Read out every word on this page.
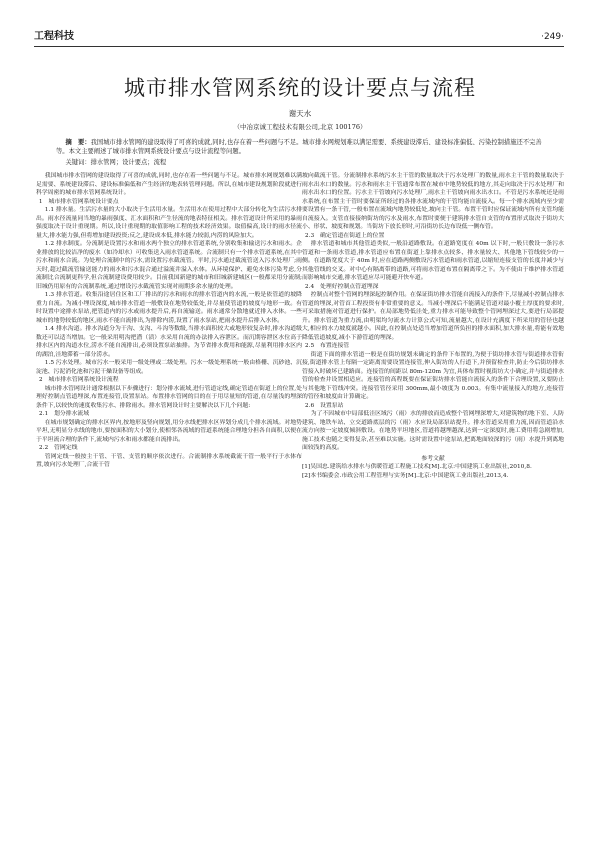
工程科技	·249·
城市排水管网系统的设计要点与流程
谢天水
（中冶京诚工程技术有限公司,北京 100176）
摘　要：我国城市排水管网的建设取得了可喜的成就,同时,也存在着一些问题与不足。城市排水网规划难以满足需要、系统建设滞后、建设标准偏低、污染控制措施还不完善等。本文主要阐述了城市排水管网系统设计要点与设计流程等问题。
关键词：排水管网；设计要点；流程

我国城市排水管网的建设取得了可喜的成就,同时,也存在着一些问题与不足。城市排水网规划难以满足需要、系统建设滞后、建设标准偏低和产生经济的地表转管理问题。所以,在城市建设规划阶段就进行科学周密的城市排水管网系统设计。

1　城市排水管网系统设计要点

1.1 排水量。生活污水量的大小取决于生活用水量。生活用水在使用过程中大部分转化为生活污水排出。雨水径流量同当地的暴雨强度、汇水面积和产生径流的地表特征相关。排水管道设计所采用的暴雨强度取决于设计重现期。所以,设计重现期的取值影响工程的技术经济效果。取值偏高,设计的雨水径流量大,排水能力强,但将增加建设投资;反之,建设成本低,排水能力较弱,内涝的风险加大。

1.2 排水制度。分流制是设置污水和雨水两个独立的排水管道系统,分别收集和输送污水和雨水。企业排放的比较洁净的废水（如冷却水）可收集送入雨水管道系统。合流制只有一个排水管道系统,在其中污水和雨水合流。为处理合流制中的污水,需设置污水截流管。平时,污水通过截流管送入污水处理厂;雨天时,超过截流管输送能力的雨水和污水混合通过溢流井溢入水体。从环境保护、避免水体污染考虑,分流制比合流制更科学,但合流制建设费用较少。目前我国新建的城市和旧城新建城区(一般都采用分流制;旧城仍用原有的合流制系统,通过增设污水截流管实现对雨期多余水量的处理。

1.3 排水管道。收集沿途居住区和工厂排出的污水和雨水的排水管道内的水流,一般是依管道的坡降重力自流。为减小埋设深度,城市排水管道一般敷设在地势较低处,并尽量使管道的坡度与地形一致。有时设置中途排水泵站,把管道内的污水或雨水提升后,再自流输送。雨水通常分散地就近排入水体。一些城市的地势较低的地区,雨水不能自流排出,为排除内涝,设置了雨水泵站,把雨水提升后排入水体。

1.4 排水沟道。排水沟道分为干沟、支沟、斗沟等数级,当排水面积较大或地形较复杂时,排水沟道级数还可以适当增加。它一般采用明沟把潜（渍）水采用自流的办法排入容泄区。而沉期容泄区水位高于排水区内的沟道水位,涝水不能自流排出,必须设置泵站抽排。为节省排水费用和能源,尽量利用排水区内的湖泊,洼地滞蓄一部分涝水。

1.5 污水处理。城市污水一般采用一级处理或二级处理。污水一级处理系统一般由格栅、沉砂池、沉淀池、污泥消化池和污泥干燥设备等组成。

2　城市排水管网系统设计流程

城市排水管网设计通常根据以下步骤进行：划分排水流域,进行管道定线,确定管道在街道上的位置,处理好控制点管道埋深,布置连接管,设置泵站。布置排水管网的目的在于用尽量短的管道,在尽量浅的埋深条件下,以较快的速度收集污水、排除雨水。排水管网设计时主要解决以下几个问题:

2.1　划分排水流域

在城市规划确定的排水区界内,按地形及竖向规划,用分水线把排水区界划分成几个排水流域。对地势平坦,无明显分水线的地市,要按面积的大小划分,使相邻各流域的管道系统能合理地分担各自面积,以便在于平坦流合理的条件下,流域内污水和雨水都能自流排出。

2.2　管网定线

管网定线一般按主干管、干管、支管的顺序依次进行。合流制排水系统截流干管一般平行于水体布置,坡向污水处理厂,合流干管

坡向截流干管。分流制排水系统污水主干管的数量取决于污水处理厂的数量,雨水主干管的数量取决于雨水出水口的数量。污水和雨水主干管通常布置在城市中地势较低的地方,其走向取决于污水处理厂和雨水出水口的位置。污水主干管坡向污水处理厂,雨水主干管坡向雨水出水口。不管是污水系统还是雨水系统,在布置主干管时要保证所经过的各排水流域内的干管均能自流接入。每一个排水流域内至少需要设置有一条干管,一般布置在流域内地势较低处,坡向主干管。布置干管时应保证流域内所有支管均能自流接入。支管直接接纳街坊的污水及雨水,布置时要便于建筑排水管自支管的布置形式取决于街坊大小、形状、坡度和规划。当街坊下放长形时,可沿街坊长边布设低一侧布管。

2.3　确定管道在街道上的位置

排水管道和城市其他管道类似,一般沿道路敷设。在道路宽度在 40m 以下时,一般只敷设一条污水管道和一条雨水管道,排水管道应布置在街道上靠排水点较多、排水量较大、其他地下管线较少的一侧。在道路宽度大于 40m 时,应在道路两侧敷设污水管道和雨水管道,以缩短连接支管的长度并减少与其他管线的交叉。对中心有隔离带的道路,可将雨水管道布置在隔离带之下。为不使由于维护排水管道而影响城市交通,排水管道应尽可能避开快车道。

2.4　处理好控制点管道埋深

控制点对整个管网的埋深起控制作用。在保证街坊排水管能自流接入的条件下,尽量减小控制点排水管道的埋深,对管首工程投资有非常重要的意义。当减小埋深后不能满足管道对最小覆土厚度的要求时,可采取措施对管道进行保护。在局部地势低洼处,重力排水可能导致整个管网埋深过大,要进行局部提升。排水管道为重力流,由明渠均匀流水力计算公式可知,流量越大,在设计充满度下所采用的管径也越大,相应的水力坡度就越小。因此,在控制点处适当增加管道所负担的排水面积,加大排水量,将能有效地降低管道坡度,减小下游管道的埋深。

2.5　布置连接管

街道下面的排水管道一般是在街坊规划未确定的条件下布置的,为便于街坊排水管与街道排水管衔接,街道排水管上每隔一定距离需要设置连接管,伸入街坊的人行道下,并预留检查井,防止今后街坊排水管接入时破坏已建路面。连接管的间距以 80m-120m 为宜,具体布置时视街坊大小确定,并与街道排水管的检查井设置相适应。连接管的高程既要在保证街坊排水管能自流接入的条件下合理设置,又要防止与其他地下管线冲突。连接管管径采用 300mm,最小坡度为 0.003。有集中流量接入的地方,连接管的管径和坡度由计算确定。

2.6　设置泵站

为了不因城市中局部低洼区域污（雨）水的排放而造成整个管网埋深增大,对建筑物的地下室、人防建筑、地铁车站、立交道路底层的污（雨）水应设局部泵站提升。排水管道采用重力流,因而管道沿水流方向按一定坡度倾斜敷设。在地势平坦地区,管道将越埋越深,达到一定深度时,施工费用将急剧增加,施工技术也随之变得复杂,甚至难以实施。这时需设置中途泵站,把离地面较深的污（雨）水提升到离地面较浅的高度。

参考文献

[1]吴国忠.建筑给水排水与供暖管道工程施工技术[M].北京:中国建筑工业出版社,2010,8.

[2]本书编委会.市政公用工程管理与实务[M].北京:中国建筑工业出版社,2013,4.
